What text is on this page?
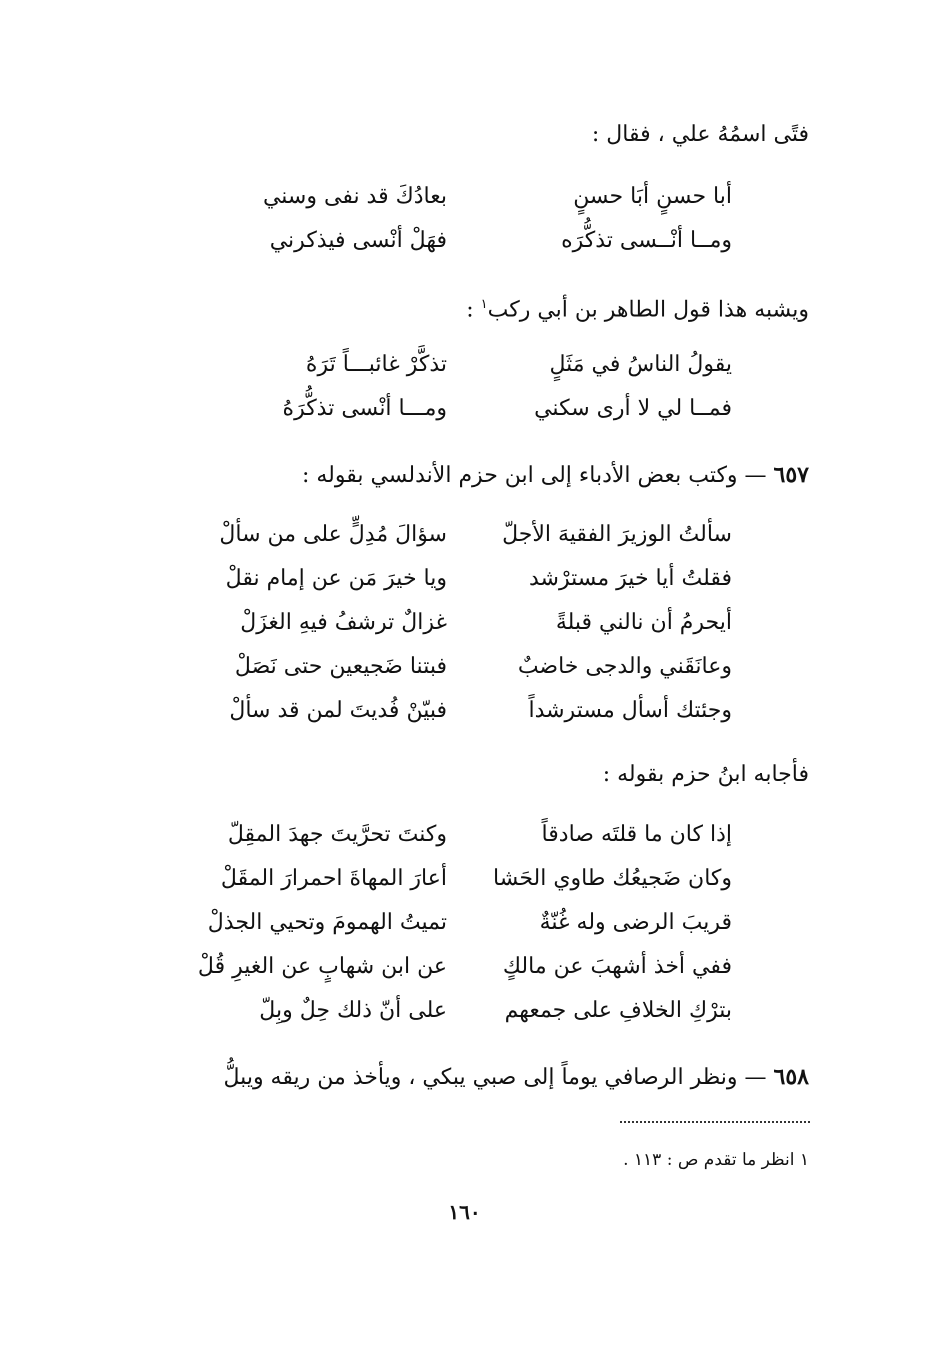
فتًى اسمُهُ علي ، فقال :
أبا حسنٍ أبَا حسنٍ
بعادُكَ قد نفى وسني
ومــا أنْــسى تذكُّرَه
فهَلْ أنْسى فيذكرني
ويشبه هذا قول الطاهر بن أبي ركب$^١$ :
يقولُ الناسُ في مَثَلٍ
تذكَّرْ غائبـــاً تَرَهُ
فمــا لي لا أرى سكني
ومـــا أنْسى تذكُّرَهُ
٦٥٧ — وكتب بعض الأدباء إلى ابن حزم الأندلسي بقوله :
سألتُ الوزيرَ الفقيهَ الأجلّ
سؤالَ مُدِلٍّ على من سألْ
فقلتُ أيا خيرَ مسترْشد
ويا خيرَ مَن عن إمام نقلْ
أيحرمُ أن نالني قبلةً
غزالٌ ترشفُ فيهِ الغزَلْ
وعانَقَني والدجى خاضبٌ
فبتنا ضَجيعين حتى نَصَلْ
وجئتك أسأل مسترشداً
فبيّنْ فُديتَ لمن قد سألْ
فأجابه ابنُ حزم بقوله :
إذا كان ما قلتَه صادقاً
وكنتَ تحرَّيتَ جهدَ المقِلّ
وكان ضَجيعُك طاوي الحَشا
أعارَ المهاةَ احمرارَ المقَلْ
قريبَ الرضى وله غُنّةٌ
تميتُ الهمومَ وتحيي الجذلْ
ففي أخذ أشهبَ عن مالكٍ
عن ابن شهابٍ عن الغيرِ قُلْ
بترْكِ الخلافِ على جمعهم
على أنّ ذلك حِلٌ وبِلّ
٦٥٨ — ونظر الرصافي يوماً إلى صبي يبكي ، ويأخذ من ريقه ويبلُّ
١ انظر ما تقدم ص : ١١٣ .
١٦٠
